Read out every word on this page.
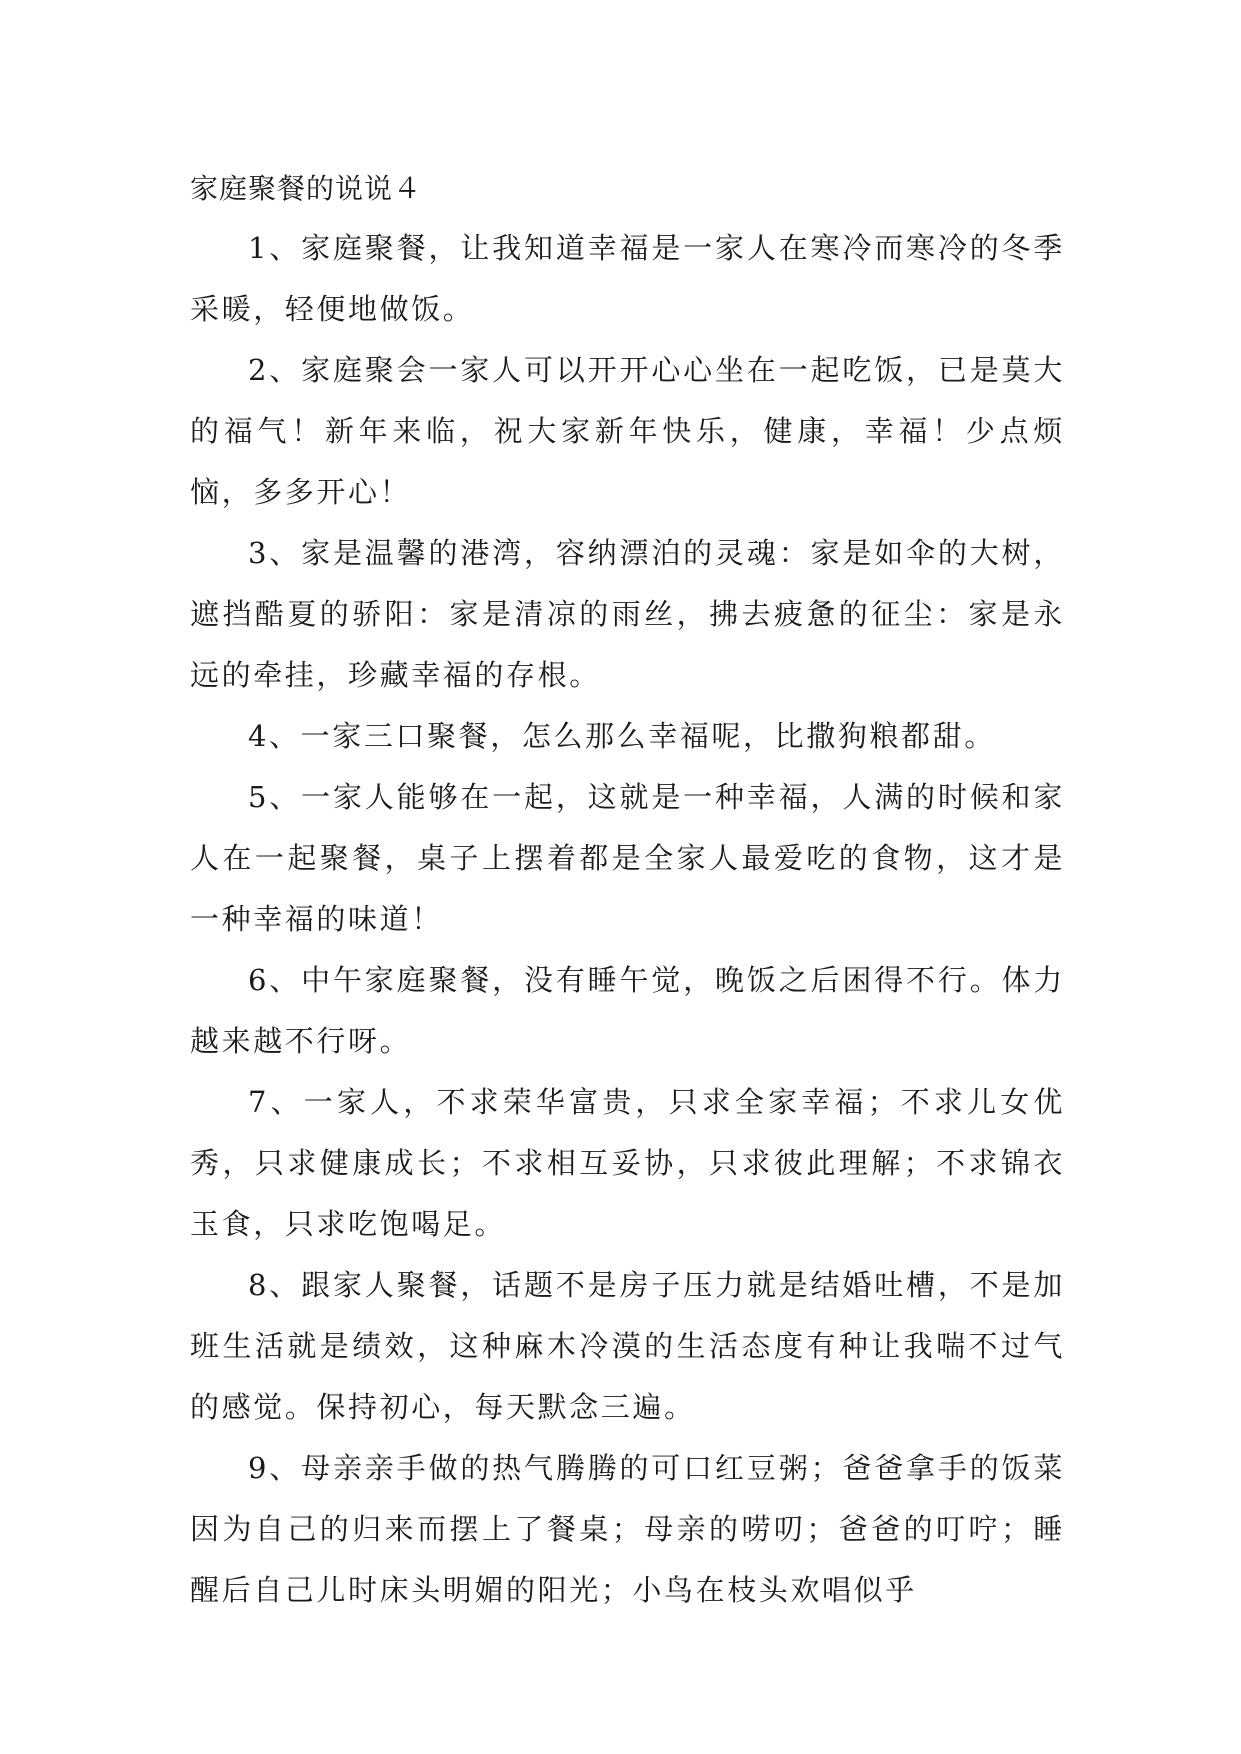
家庭聚餐的说说４

1、家庭聚餐，让我知道幸福是一家人在寒冷而寒冷的冬季采暖，轻便地做饭。

2、家庭聚会一家人可以开开心心坐在一起吃饭，已是莫大的福气！新年来临，祝大家新年快乐，健康，幸福！少点烦恼，多多开心！

3、家是温馨的港湾，容纳漂泊的灵魂：家是如伞的大树，遮挡酷夏的骄阳：家是清凉的雨丝，拂去疲惫的征尘：家是永远的牵挂，珍藏幸福的存根。

4、一家三口聚餐，怎么那么幸福呢，比撒狗粮都甜。

5、一家人能够在一起，这就是一种幸福，人满的时候和家人在一起聚餐，桌子上摆着都是全家人最爱吃的食物，这才是一种幸福的味道！

6、中午家庭聚餐，没有睡午觉，晚饭之后困得不行。体力越来越不行呀。

7、一家人，不求荣华富贵，只求全家幸福；不求儿女优秀，只求健康成长；不求相互妥协，只求彼此理解；不求锦衣玉食，只求吃饱喝足。

8、跟家人聚餐，话题不是房子压力就是结婚吐槽，不是加班生活就是绩效，这种麻木冷漠的生活态度有种让我喘不过气的感觉。保持初心，每天默念三遍。

9、母亲亲手做的热气腾腾的可口红豆粥；爸爸拿手的饭菜因为自己的归来而摆上了餐桌；母亲的唠叨；爸爸的叮咛；睡醒后自己儿时床头明媚的阳光；小鸟在枝头欢唱似乎
